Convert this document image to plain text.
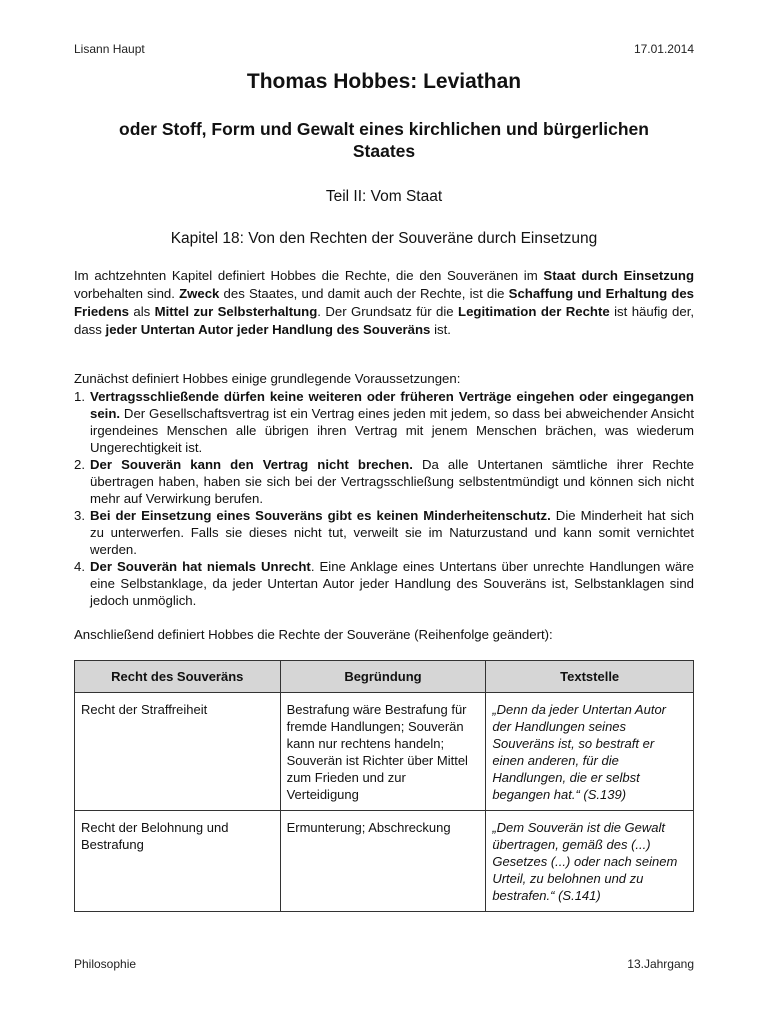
Lisann Haupt	17.01.2014
Thomas Hobbes: Leviathan
oder Stoff, Form und Gewalt eines kirchlichen und bürgerlichen Staates
Teil II: Vom Staat
Kapitel 18: Von den Rechten der Souveräne durch Einsetzung

Im achtzehnten Kapitel definiert Hobbes die Rechte, die den Souveränen im Staat durch Einsetzung vorbehalten sind. Zweck des Staates, und damit auch der Rechte, ist die Schaffung und Erhaltung des Friedens als Mittel zur Selbsterhaltung. Der Grundsatz für die Legitimation der Rechte ist häufig der, dass jeder Untertan Autor jeder Handlung des Souveräns ist.

Zunächst definiert Hobbes einige grundlegende Voraussetzungen:

1. Vertragsschließende dürfen keine weiteren oder früheren Verträge eingehen oder eingegangen sein. Der Gesellschaftsvertrag ist ein Vertrag eines jeden mit jedem, so dass bei abweichender Ansicht irgendeines Menschen alle übrigen ihren Vertrag mit jenem Menschen brächen, was wiederum Ungerechtigkeit ist.
2. Der Souverän kann den Vertrag nicht brechen. Da alle Untertanen sämtliche ihrer Rechte übertragen haben, haben sie sich bei der Vertragsschließung selbstentmündigt und können sich nicht mehr auf Verwirkung berufen.
3. Bei der Einsetzung eines Souveräns gibt es keinen Minderheitenschutz. Die Minderheit hat sich zu unterwerfen. Falls sie dieses nicht tut, verweilt sie im Naturzustand und kann somit vernichtet werden.
4. Der Souverän hat niemals Unrecht. Eine Anklage eines Untertans über unrechte Handlungen wäre eine Selbstanklage, da jeder Untertan Autor jeder Handlung des Souveräns ist, Selbstanklagen sind jedoch unmöglich.

Anschließend definiert Hobbes die Rechte der Souveräne (Reihenfolge geändert):

Recht des Souveräns	Begründung	Textstelle
Recht der Straffreiheit	Bestrafung wäre Bestrafung für fremde Handlungen; Souverän kann nur rechtens handeln; Souverän ist Richter über Mittel zum Frieden und zur Verteidigung	„Denn da jeder Untertan Autor der Handlungen seines Souveräns ist, so bestraft er einen anderen, für die Handlungen, die er selbst begangen hat.“ (S.139)
Recht der Belohnung und Bestrafung	Ermunterung; Abschreckung	„Dem Souverän ist die Gewalt übertragen, gemäß des (...) Gesetzes (...) oder nach seinem Urteil, zu belohnen und zu bestrafen.“ (S.141)
Philosophie	13.Jahrgang
